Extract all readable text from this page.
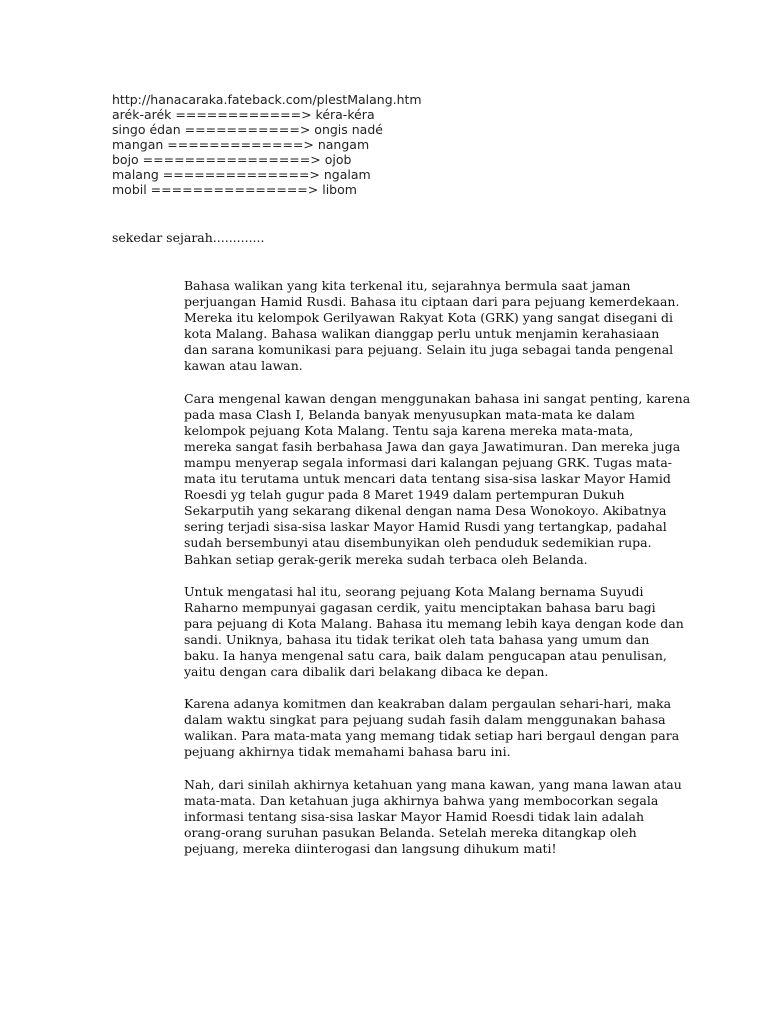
http://hanacaraka.fateback.com/plestMalang.htm
arék-arék ============> kéra-kéra
singo édan ===========> ongis nadé
mangan =============> nangam
bojo ================> ojob
malang ==============> ngalam
mobil ===============> libom
sekedar sejarah.............
Bahasa walikan yang kita terkenal itu, sejarahnya bermula saat jaman
perjuangan Hamid Rusdi. Bahasa itu ciptaan dari para pejuang kemerdekaan.
Mereka itu kelompok Gerilyawan Rakyat Kota (GRK) yang sangat disegani di
kota Malang. Bahasa walikan dianggap perlu untuk menjamin kerahasiaan
dan sarana komunikasi para pejuang. Selain itu juga sebagai tanda pengenal
kawan atau lawan.
Cara mengenal kawan dengan menggunakan bahasa ini sangat penting, karena
pada masa Clash I, Belanda banyak menyusupkan mata-mata ke dalam
kelompok pejuang Kota Malang. Tentu saja karena mereka mata-mata,
mereka sangat fasih berbahasa Jawa dan gaya Jawatimuran. Dan mereka juga
mampu menyerap segala informasi dari kalangan pejuang GRK. Tugas mata-
mata itu terutama untuk mencari data tentang sisa-sisa laskar Mayor Hamid
Roesdi yg telah gugur pada 8 Maret 1949 dalam pertempuran Dukuh
Sekarputih yang sekarang dikenal dengan nama Desa Wonokoyo. Akibatnya
sering terjadi sisa-sisa laskar Mayor Hamid Rusdi yang tertangkap, padahal
sudah bersembunyi atau disembunyikan oleh penduduk sedemikian rupa.
Bahkan setiap gerak-gerik mereka sudah terbaca oleh Belanda.
Untuk mengatasi hal itu, seorang pejuang Kota Malang bernama Suyudi
Raharno mempunyai gagasan cerdik, yaitu menciptakan bahasa baru bagi
para pejuang di Kota Malang. Bahasa itu memang lebih kaya dengan kode dan
sandi. Uniknya, bahasa itu tidak terikat oleh tata bahasa yang umum dan
baku. Ia hanya mengenal satu cara, baik dalam pengucapan atau penulisan,
yaitu dengan cara dibalik dari belakang dibaca ke depan.
Karena adanya komitmen dan keakraban dalam pergaulan sehari-hari, maka
dalam waktu singkat para pejuang sudah fasih dalam menggunakan bahasa
walikan. Para mata-mata yang memang tidak setiap hari bergaul dengan para
pejuang akhirnya tidak memahami bahasa baru ini.
Nah, dari sinilah akhirnya ketahuan yang mana kawan, yang mana lawan atau
mata-mata. Dan ketahuan juga akhirnya bahwa yang membocorkan segala
informasi tentang sisa-sisa laskar Mayor Hamid Roesdi tidak lain adalah
orang-orang suruhan pasukan Belanda. Setelah mereka ditangkap oleh
pejuang, mereka diinterogasi dan langsung dihukum mati!
